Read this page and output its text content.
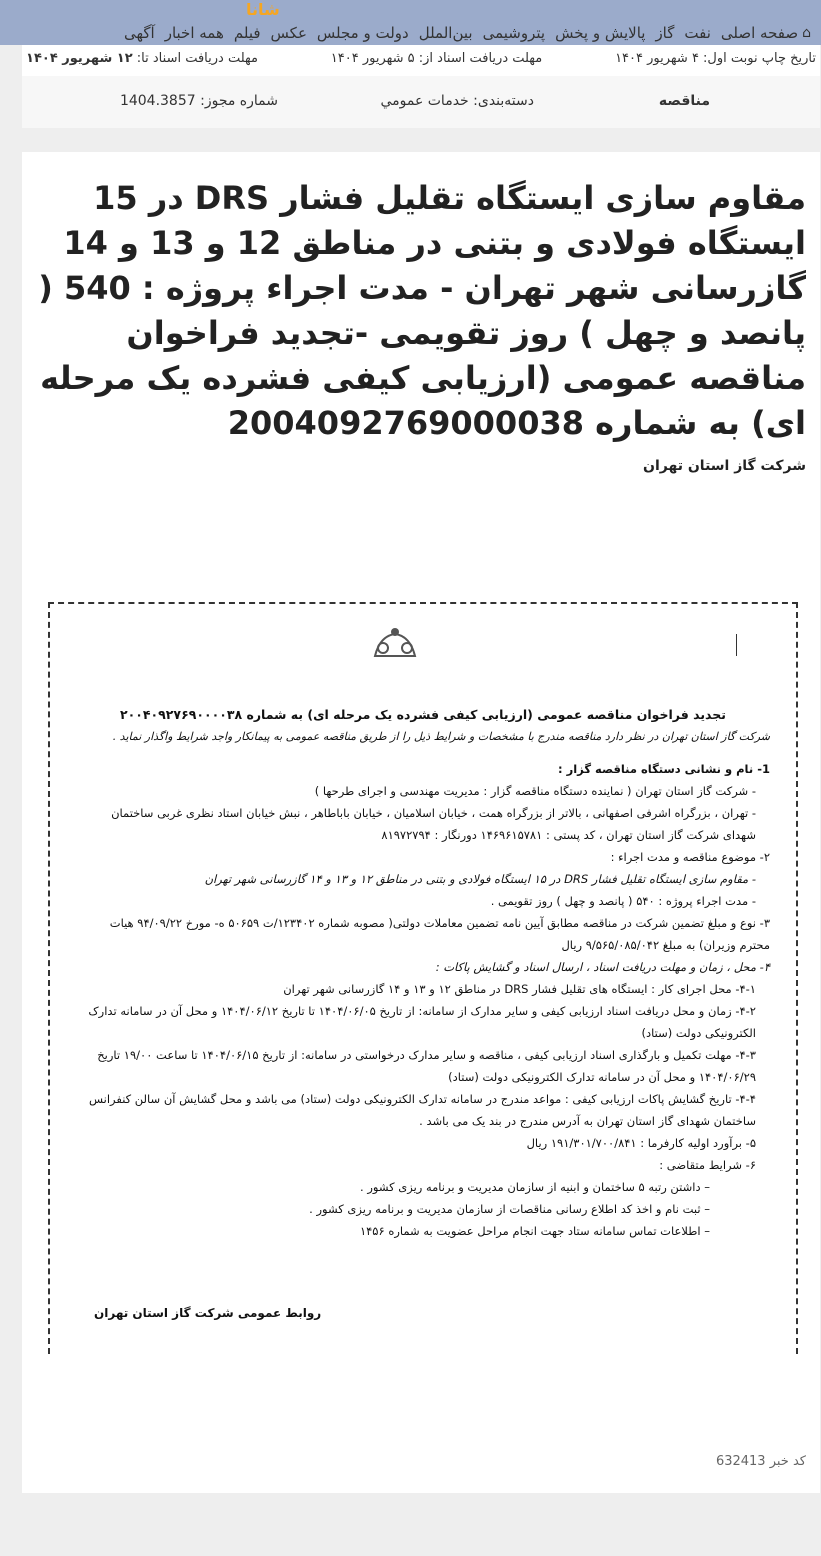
⌂
صفحه اصلی
نفت
گاز
پالایش و پخش
پتروشیمی
بین‌الملل
دولت و مجلس
عکس
فیلم
همه اخبار
آگهی
شانا
تاریخ چاپ نوبت اول: ۴ شهریور ۱۴۰۴
مهلت دریافت اسناد از: ۵ شهریور ۱۴۰۴
مهلت دریافت اسناد تا: ۱۲ شهریور ۱۴۰۴
مناقصه
دسته‌بندی: خدمات عمومي
شماره مجوز: 1404.3857
مقاوم سازی ایستگاه تقلیل فشار DRS در 15 ایستگاه فولادی و بتنی در مناطق 12 و 13 و 14 گازرسانی شهر تهران - مدت اجراء پروژه : 540 ( پانصد و چهل ) روز تقویمی -تجدید فراخوان مناقصه عمومی (ارزیابی کیفی فشرده یک مرحله ای) به شماره 2004092769000038
شرکت گاز استان تهران

تجدید فراخوان مناقصه عمومی (ارزیابی کیفی فشرده یک مرحله ای) به شماره ۲۰۰۴۰۹۲۷۶۹۰۰۰۰۳۸

شرکت گاز استان تهران در نظر دارد مناقصه مندرج با مشخصات و شرایط ذیل را از طریق مناقصه عمومی به پیمانکار واجد شرایط واگذار نماید .

1- نام و نشانی دستگاه مناقصه گزار :

- شرکت گاز استان تهران ( نماینده دستگاه مناقصه گزار : مدیریت مهندسی و اجرای طرحها )

- تهران ، بزرگراه اشرفی اصفهانی ، بالاتر از بزرگراه همت ، خیابان اسلامیان ، خیابان باباطاهر ، نبش خیابان استاد نظری غربی ساختمان شهدای شرکت گاز استان تهران ، کد پستی : ۱۴۶۹۶۱۵۷۸۱ دورنگار : ۸۱۹۷۲۷۹۴

۲- موضوع مناقصه و مدت اجراء :

- مقاوم سازی ایستگاه تقلیل فشار DRS در ۱۵ ایستگاه فولادی و بتنی در مناطق ۱۲ و ۱۳ و ۱۴ گازرسانی شهر تهران

- مدت اجراء پروژه : ۵۴۰ ( پانصد و چهل ) روز تقویمی .

۳- نوع و مبلغ تضمین شرکت در مناقصه مطابق آیین نامه تضمین معاملات دولتی( مصوبه شماره ۱۲۳۴۰۲/ت ۵۰۶۵۹ ه- مورخ ۹۴/۰۹/۲۲ هیات محترم وزیران) به مبلغ ۹/۵۶۵/۰۸۵/۰۴۲ ریال

۴- محل ، زمان و مهلت دریافت اسناد ، ارسال اسناد و گشایش پاکات :

۴-۱- محل اجرای کار : ایستگاه های تقلیل فشار DRS در مناطق ۱۲ و ۱۳ و ۱۴ گازرسانی شهر تهران

۴-۲- زمان و محل دریافت اسناد ارزیابی کیفی و سایر مدارک از سامانه: از تاریخ ۱۴۰۴/۰۶/۰۵ تا تاریخ ۱۴۰۴/۰۶/۱۲ و محل آن در سامانه تدارک الکترونیکی دولت (ستاد)

۴-۳- مهلت تکمیل و بارگذاری اسناد ارزیابی کیفی ، مناقصه و سایر مدارک درخواستی در سامانه: از تاریخ ۱۴۰۴/۰۶/۱۵ تا ساعت ۱۹/۰۰ تاریخ ۱۴۰۴/۰۶/۲۹ و محل آن در سامانه تدارک الکترونیکی دولت (ستاد)

۴-۴- تاریخ گشایش پاکات ارزیابی کیفی : مواعد مندرج در سامانه تدارک الکترونیکی دولت (ستاد) می باشد و محل گشایش آن سالن کنفرانس ساختمان شهدای گاز استان تهران به آدرس مندرج در بند یک می باشد .

۵- برآورد اولیه کارفرما : ۱۹۱/۳۰۱/۷۰۰/۸۴۱ ریال

۶- شرایط متقاضی :

– داشتن رتبه ۵ ساختمان و ابنیه از سازمان مدیریت و برنامه ریزی کشور .

– ثبت نام و اخذ کد اطلاع رسانی مناقصات از سازمان مدیریت و برنامه ریزی کشور .

– اطلاعات تماس سامانه ستاد جهت انجام مراحل عضویت به شماره ۱۴۵۶

روابط عمومی شرکت گاز استان تهران
کد خبر 632413
